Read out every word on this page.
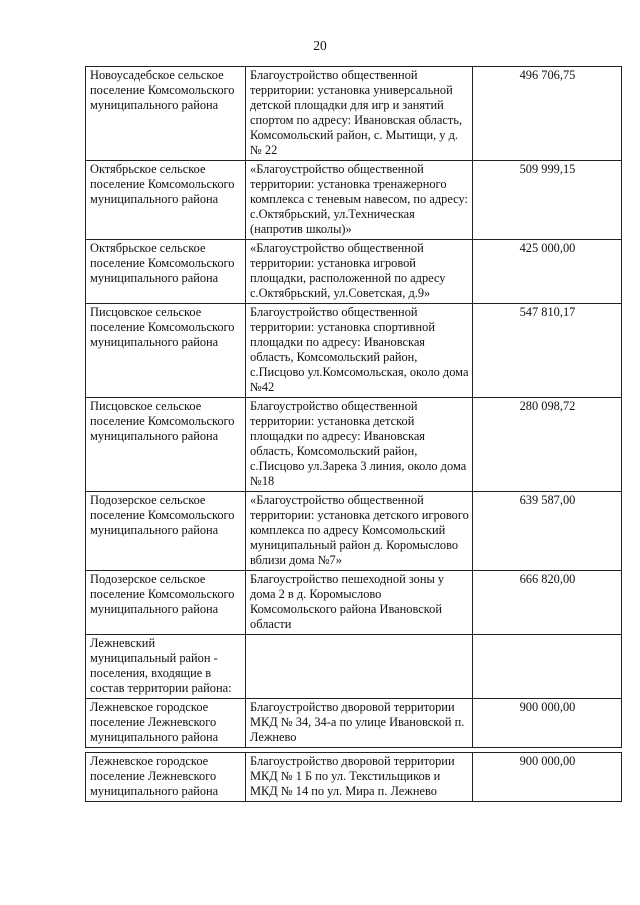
20
Новоусадебское сельское поселение Комсомольского муниципального района	Благоустройство общественной территории: установка универсальной детской площадки для игр и занятий спортом по адресу: Ивановская область, Комсомольский район, с. Мытищи, у д. № 22	496 706,75
Октябрьское сельское поселение Комсомольского муниципального района	«Благоустройство общественной территории: установка тренажерного комплекса с теневым навесом, по адресу: с.Октябрьский, ул.Техническая (напротив школы)»	509 999,15
Октябрьское сельское поселение Комсомольского муниципального района	«Благоустройство общественной территории: установка игровой площадки, расположенной по адресу с.Октябрьский, ул.Советская, д.9»	425 000,00
Писцовское сельское поселение Комсомольского муниципального района	Благоустройство общественной территории: установка спортивной площадки по адресу: Ивановская область, Комсомольский район, с.Писцово ул.Комсомольская, около дома №42	547 810,17
Писцовское сельское поселение Комсомольского муниципального района	Благоустройство общественной территории: установка детской площадки по адресу: Ивановская область, Комсомольский район, с.Писцово ул.Зарека 3 линия, около дома №18	280 098,72
Подозерское сельское поселение Комсомольского муниципального района	«Благоустройство общественной территории: установка детского игрового комплекса по адресу Комсомольский муниципальный район д. Коромыслово вблизи дома №7»	639 587,00
Подозерское сельское поселение Комсомольского муниципального района	Благоустройство пешеходной зоны у дома 2 в д. Коромыслово Комсомольского района Ивановской области	666 820,00
Лежневский муниципальный район - поселения, входящие в состав территории района:		
Лежневское городское поселение Лежневского муниципального района	Благоустройство дворовой территории МКД № 34, 34-а по улице Ивановской п. Лежнево	900 000,00

Лежневское городское поселение Лежневского муниципального района	Благоустройство дворовой территории МКД № 1 Б по ул. Текстильщиков и МКД № 14 по ул. Мира п. Лежнево	900 000,00
